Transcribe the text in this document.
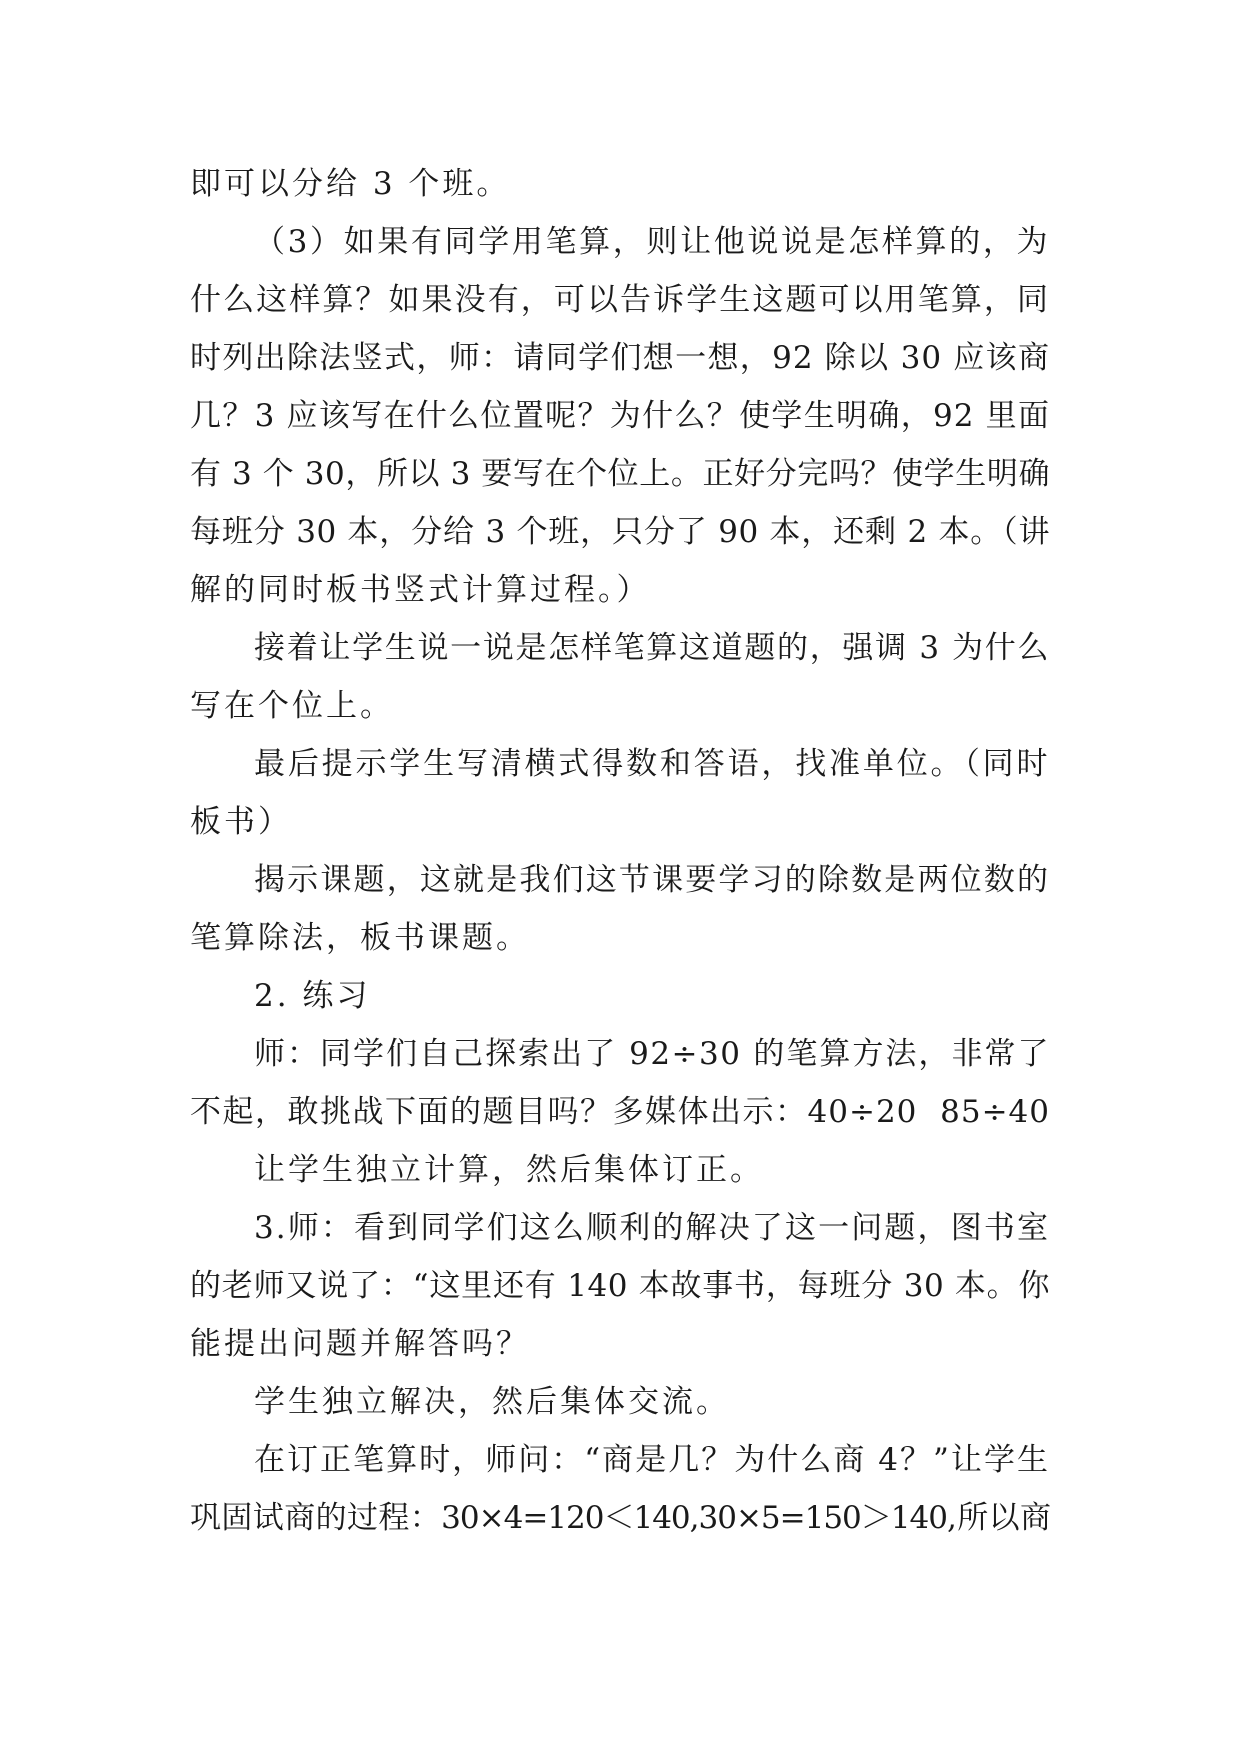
即可以分给 3 个班。
（3）如果有同学用笔算，则让他说说是怎样算的，为
什么这样算？如果没有，可以告诉学生这题可以用笔算，同
时列出除法竖式，师：请同学们想一想，92 除以 30 应该商
几？3 应该写在什么位置呢？为什么？使学生明确，92 里面
有 3 个 30，所以 3 要写在个位上。正好分完吗？使学生明确
每班分 30 本，分给 3 个班，只分了 90 本，还剩 2 本。（讲
解的同时板书竖式计算过程。）
接着让学生说一说是怎样笔算这道题的，强调 3 为什么
写在个位上。
最后提示学生写清横式得数和答语，找准单位。（同时
板书）
揭示课题，这就是我们这节课要学习的除数是两位数的
笔算除法，板书课题。
2. 练习
师：同学们自己探索出了 92÷30 的笔算方法，非常了
不起，敢挑战下面的题目吗？多媒体出示：40÷20  85÷40
让学生独立计算，然后集体订正。
3.师：看到同学们这么顺利的解决了这一问题，图书室
的老师又说了：“这里还有 140 本故事书，每班分 30 本。你
能提出问题并解答吗？
学生独立解决，然后集体交流。
在订正笔算时，师问：“商是几？为什么商 4？”让学生
巩固试商的过程：30×4=120＜140,30×5=150＞140,所以商
